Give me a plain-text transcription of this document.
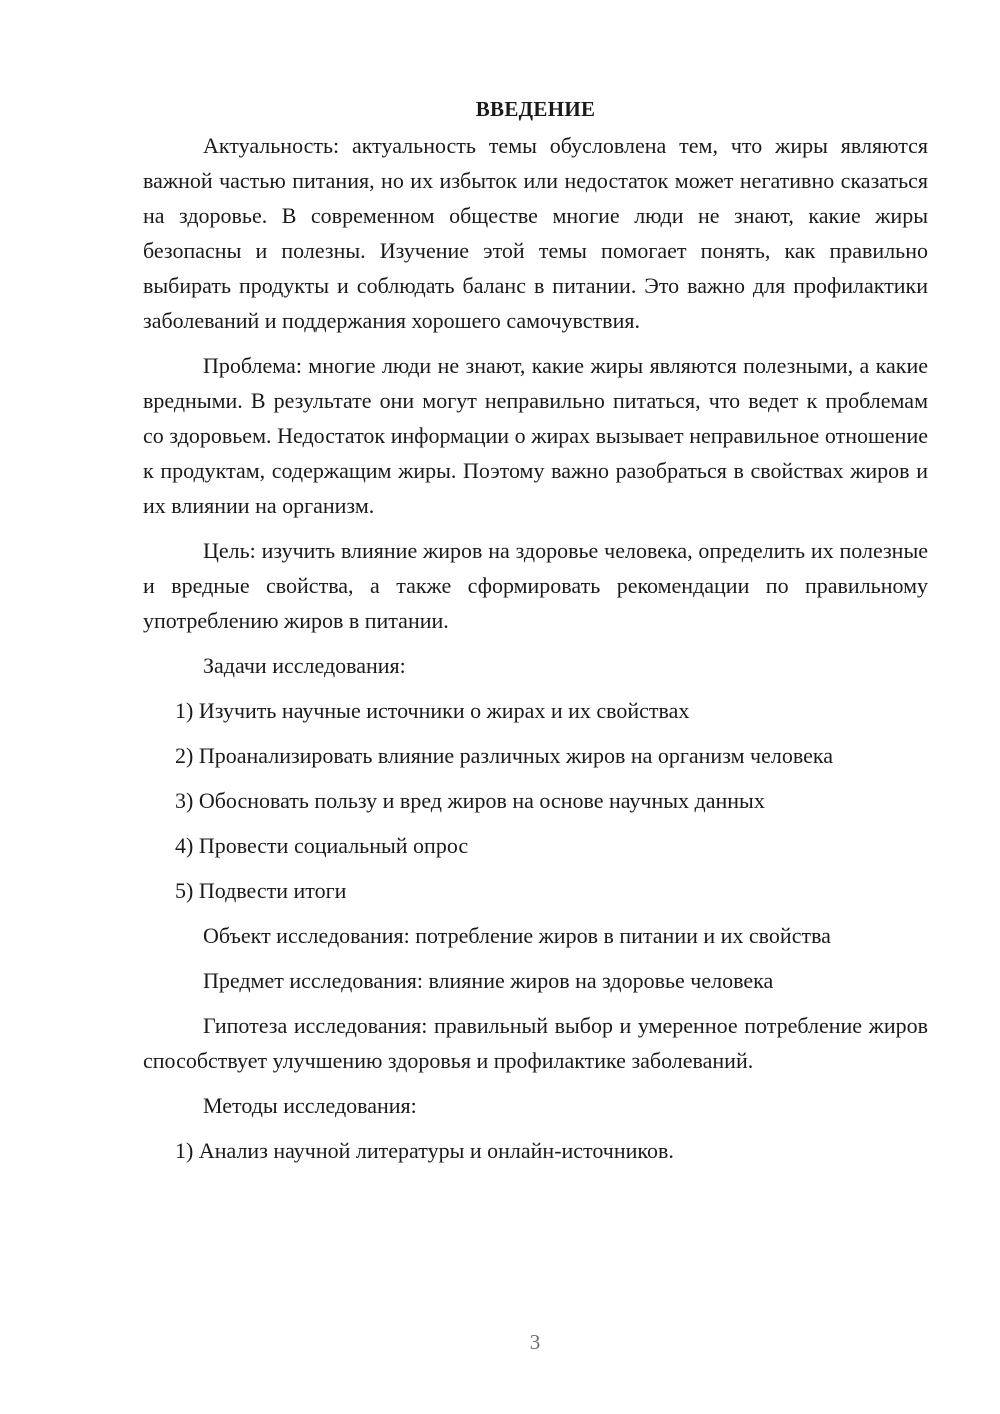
ВВЕДЕНИЕ

Актуальность: актуальность темы обусловлена тем, что жиры являются важной частью питания, но их избыток или недостаток может негативно сказаться на здоровье. В современном обществе многие люди не знают, какие жиры безопасны и полезны. Изучение этой темы помогает понять, как правильно выбирать продукты и соблюдать баланс в питании. Это важно для профилактики заболеваний и поддержания хорошего самочувствия.

Проблема: многие люди не знают, какие жиры являются полезными, а какие вредными. В результате они могут неправильно питаться, что ведет к проблемам со здоровьем. Недостаток информации о жирах вызывает неправильное отношение к продуктам, содержащим жиры. Поэтому важно разобраться в свойствах жиров и их влиянии на организм.

Цель: изучить влияние жиров на здоровье человека, определить их полезные и вредные свойства, а также сформировать рекомендации по правильному употреблению жиров в питании.

Задачи исследования:

1) Изучить научные источники о жирах и их свойствах
2) Проанализировать влияние различных жиров на организм человека
3) Обосновать пользу и вред жиров на основе научных данных
4) Провести социальный опрос
5) Подвести итоги

Объект исследования: потребление жиров в питании и их свойства

Предмет исследования: влияние жиров на здоровье человека

Гипотеза исследования: правильный выбор и умеренное потребление жиров способствует улучшению здоровья и профилактике заболеваний.

Методы исследования:

1) Анализ научной литературы и онлайн-источников.
3
